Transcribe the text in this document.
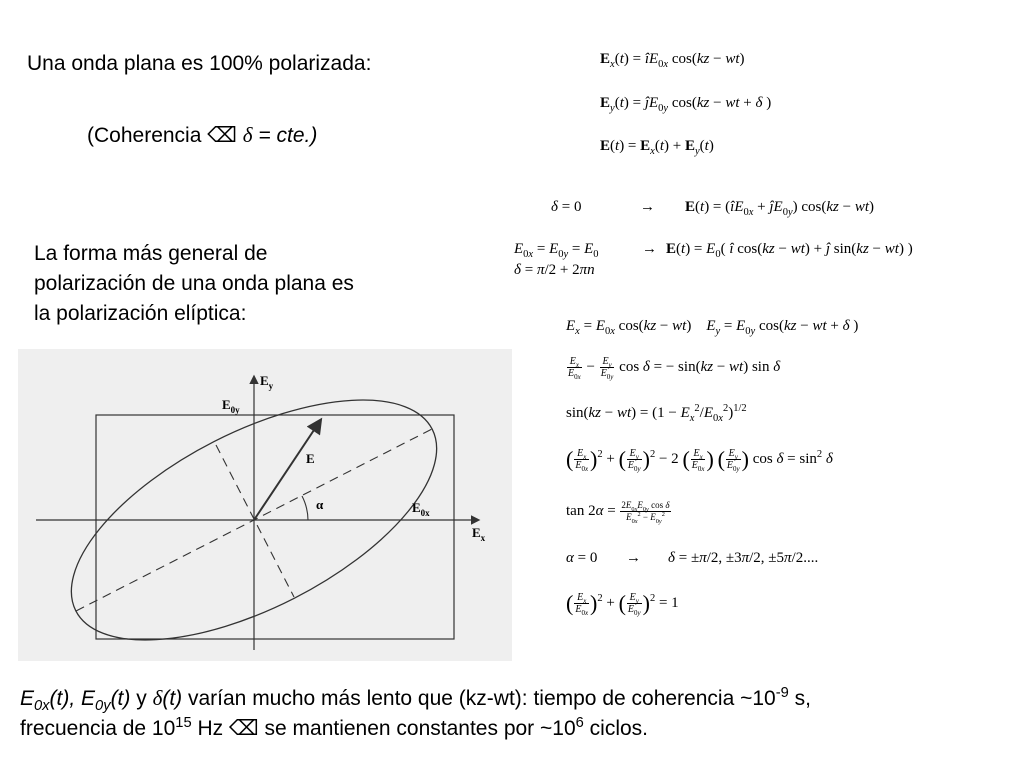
Una onda plana es 100% polarizada:
(Coherencia ⌫ δ = cte.)
La forma más general de
polarización de una onda plana es
la polarización elíptica:
$E_x(t)$ = $îE_{0x}$ cos(kz − wt)
$E_y(t)$ = $ĵE_{0y}$ cos(kz − wt + δ )
$E(t) = E_x(t) + E_y(t)$
δ = 0	→ $E(t) = (îE_{0x}$ + $ĵE_{0y}$) cos(kz − wt)
$E_{0x} = E_{0y} = E_0$	→ $E(t) = E_0$( î cos(kz − wt) + ĵ sin(kz − wt) )
δ = π/2 + 2πn
$E_x = E_{0x}$ cos(kz − wt)    $E_y = E_{0y}$ cos(kz − wt + δ )
$\frac{E_x}{E_{0x}} - \frac{E_y}{E_{0y}}$ cos δ = − sin(kz − wt) sin δ
$\sin(kz - wt) = (1 - E_x^2/E_{0x}^2)^{1/2}$
( $\frac{E_x}{E_{0x}} )^2$ + ( $\frac{E_y}{E_{0y}} )^2 - 2$ ( $\frac{E_x}{E_{0x}}$ ) ( $\frac{E_y}{E_{0y}}$ ) $\cos \delta = \sin^2 \delta$
$\tan 2\alpha = \frac{2E_{0x}E_{0y} \cos \delta}{E_{0x}^2 - E_{0y}^2}$
α = 0 → δ = ±π/2, ±3π/2, ±5π/2....
( $\frac{E_x}{E_{0x}} )^2$ + ( $\frac{E_y}{E_{0y}} )^2 = 1$
$E_y$
$E_x$
$E_{0y}$
$E_{0x}$
E
α
$E_{0x}(t)$, $E_{0y}(t)$ y δ(t) varían mucho más lento que (kz-wt): tiempo de coherencia $\sim 10^{-9}$ s,
frecuencia de $10^{15}$ Hz ⌫ se mantienen constantes por $\sim 10^6$ ciclos.
